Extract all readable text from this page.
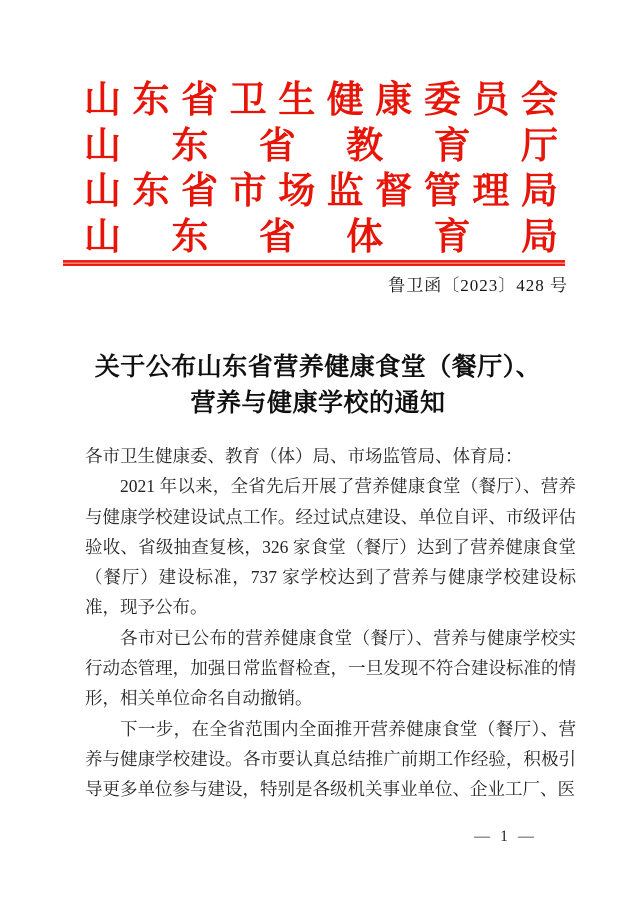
山 东 省 卫 生 健 康 委 员 会
山 东 省 教 育 厅
山 东 省 市 场 监 督 管 理 局
山 东 省 体 育 局
鲁卫函〔2023〕428 号
关于公布山东省营养健康食堂（餐厅）、
营养与健康学校的通知

各市卫生健康委、教育（体）局、市场监管局、体育局：

2021 年以来，全省先后开展了营养健康食堂（餐厅）、营养与健康学校建设试点工作。经过试点建设、单位自评、市级评估验收、省级抽查复核，326 家食堂（餐厅）达到了营养健康食堂（餐厅）建设标准，737 家学校达到了营养与健康学校建设标准，现予公布。

各市对已公布的营养健康食堂（餐厅）、营养与健康学校实行动态管理，加强日常监督检查，一旦发现不符合建设标准的情形，相关单位命名自动撤销。

下一步，在全省范围内全面推开营养健康食堂（餐厅）、营养与健康学校建设。各市要认真总结推广前期工作经验，积极引导更多单位参与建设，特别是各级机关事业单位、企业工厂、医

— 1 —
